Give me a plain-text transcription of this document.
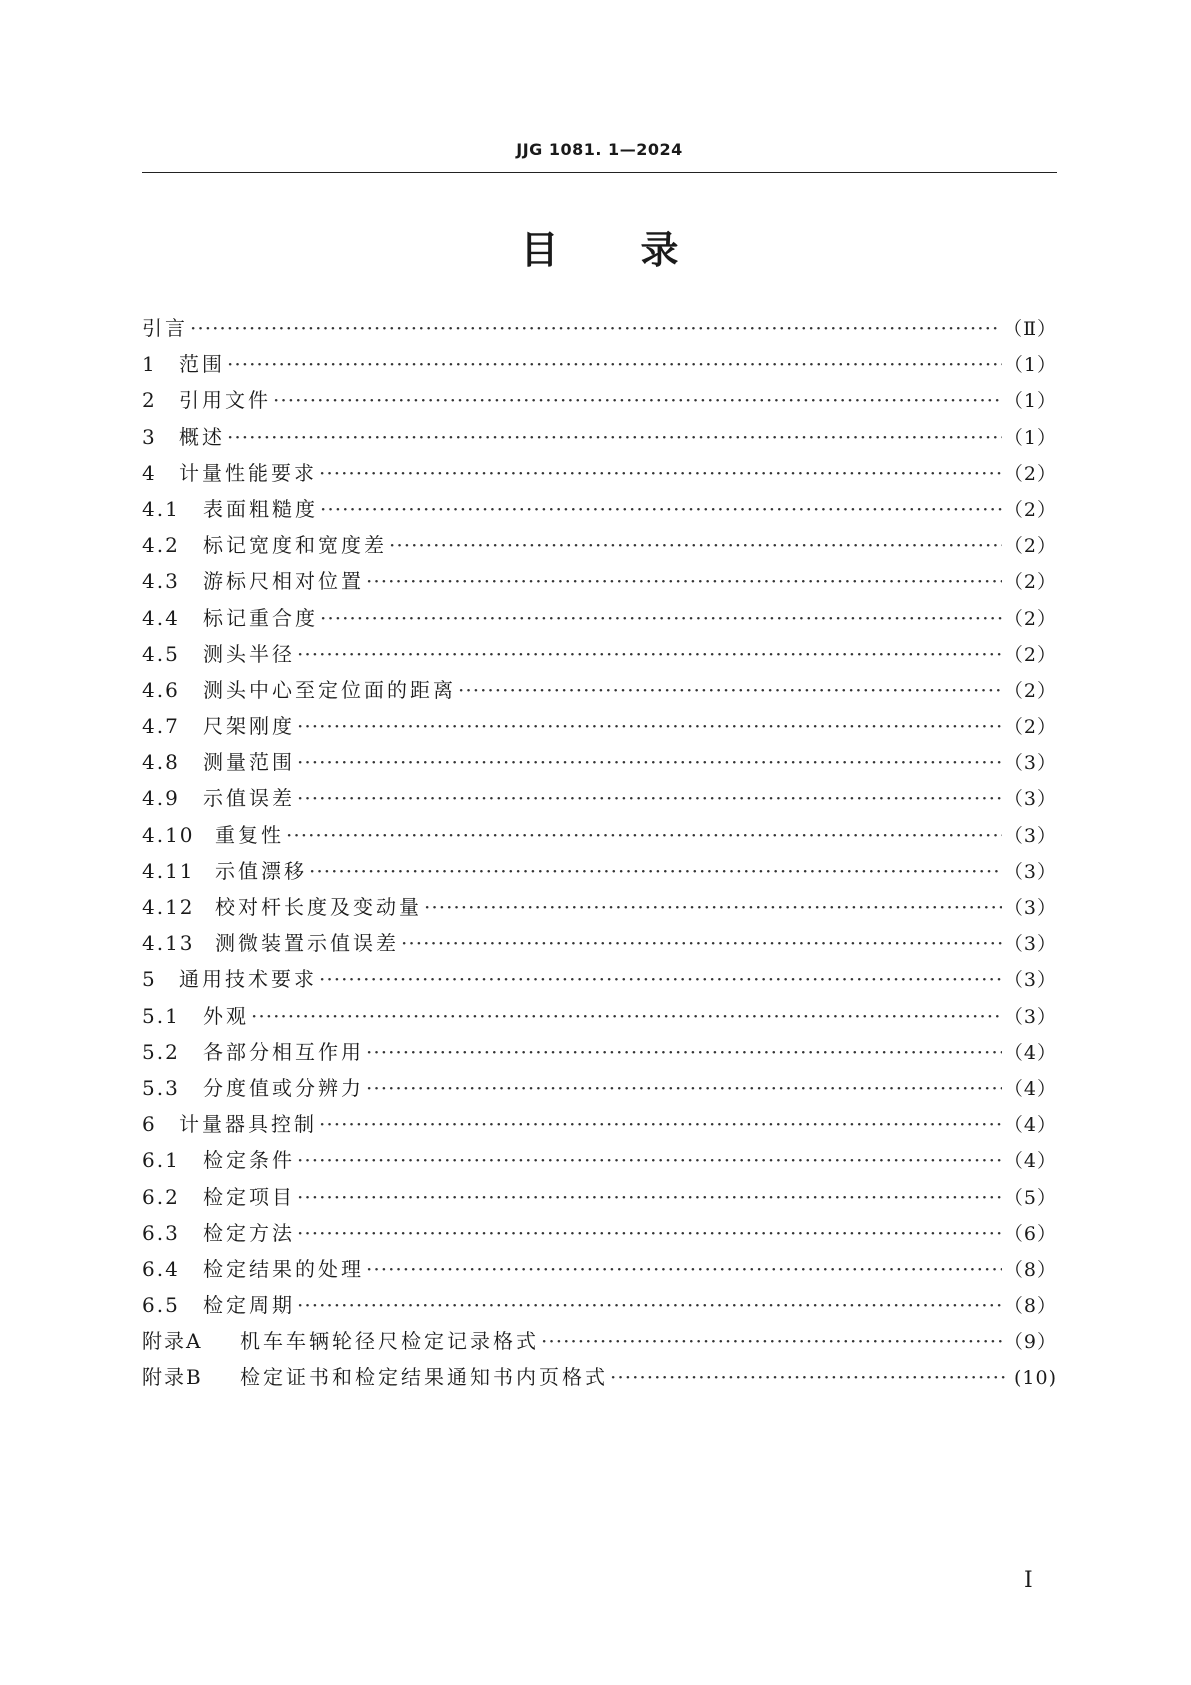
JJG 1081. 1—2024
目 录
引言 ·····	（Ⅱ）
1	范围 ·····	（1）
2	引用文件 ·····	（1）
3	概述 ·····	（1）
4	计量性能要求 ·····	（2）
4.1	表面粗糙度 ·····	（2）
4.2	标记宽度和宽度差 ·····	（2）
4.3	游标尺相对位置 ·····	（2）
4.4	标记重合度 ·····	（2）
4.5	测头半径 ·····	（2）
4.6	测头中心至定位面的距离 ·····	（2）
4.7	尺架刚度 ·····	（2）
4.8	测量范围 ·····	（3）
4.9	示值误差 ·····	（3）
4.10	重复性 ·····	（3）
4.11	示值漂移 ·····	（3）
4.12	校对杆长度及变动量 ·····	（3）
4.13	测微装置示值误差 ·····	（3）
5	通用技术要求 ·····	（3）
5.1	外观 ·····	（3）
5.2	各部分相互作用 ·····	（4）
5.3	分度值或分辨力 ·····	（4）
6	计量器具控制 ·····	（4）
6.1	检定条件 ·····	（4）
6.2	检定项目 ·····	（5）
6.3	检定方法 ·····	（6）
6.4	检定结果的处理 ·····	（8）
6.5	检定周期 ·····	（8）
附录A	机车车辆轮径尺检定记录格式 ·····	（9）
附录B	检定证书和检定结果通知书内页格式 ·····	(10)
I
